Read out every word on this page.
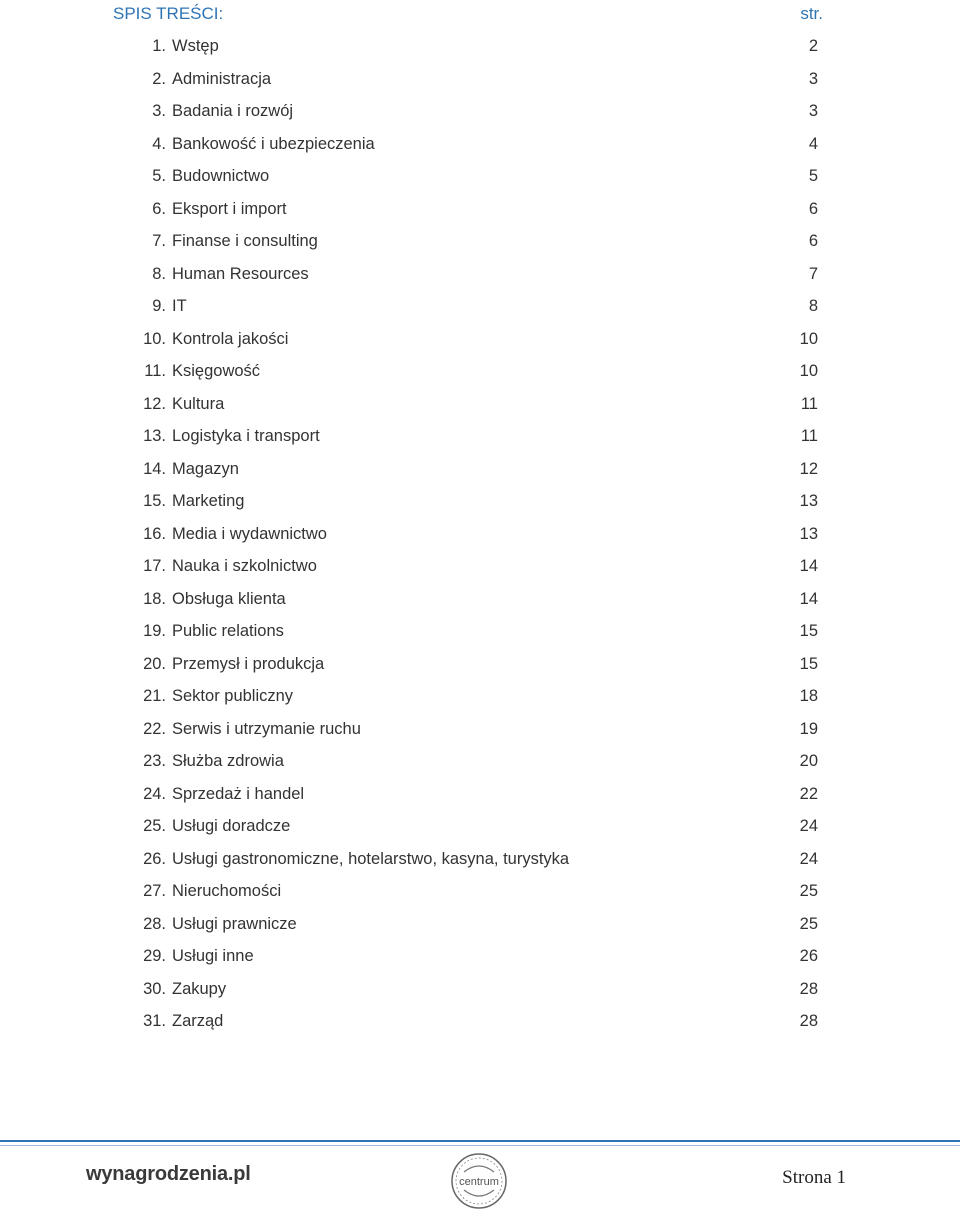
SPIS TREŚCI:	str.
1. Wstęp	2
2. Administracja	3
3. Badania i rozwój	3
4. Bankowość i ubezpieczenia	4
5. Budownictwo	5
6. Eksport i import	6
7. Finanse i consulting	6
8. Human Resources	7
9. IT	8
10. Kontrola jakości	10
11. Księgowość	10
12. Kultura	11
13. Logistyka i transport	11
14. Magazyn	12
15. Marketing	13
16. Media i wydawnictwo	13
17. Nauka i szkolnictwo	14
18. Obsługa klienta	14
19. Public relations	15
20. Przemysł i produkcja	15
21. Sektor publiczny	18
22. Serwis i utrzymanie ruchu	19
23. Służba zdrowia	20
24. Sprzedaż i handel	22
25. Usługi doradcze	24
26. Usługi gastronomiczne, hotelarstwo, kasyna, turystyka	24
27. Nieruchomości	25
28. Usługi prawnicze	25
29. Usługi inne	26
30. Zakupy	28
31. Zarząd	28
wynagrodzenia.pl	centrum	Strona 1
